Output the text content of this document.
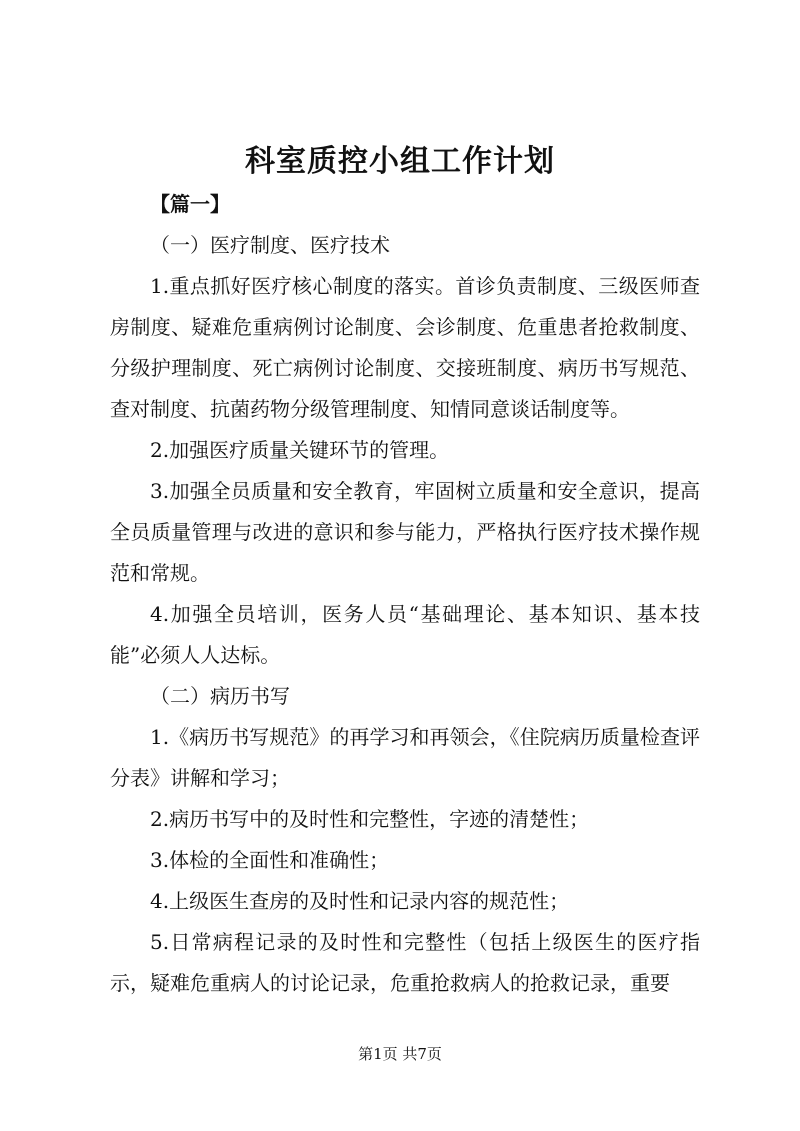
科室质控小组工作计划

【篇一】

（一）医疗制度、医疗技术

1.重点抓好医疗核心制度的落实。首诊负责制度、三级医师查房制度、疑难危重病例讨论制度、会诊制度、危重患者抢救制度、分级护理制度、死亡病例讨论制度、交接班制度、病历书写规范、查对制度、抗菌药物分级管理制度、知情同意谈话制度等。

2.加强医疗质量关键环节的管理。

3.加强全员质量和安全教育，牢固树立质量和安全意识，提高全员质量管理与改进的意识和参与能力，严格执行医疗技术操作规范和常规。

4.加强全员培训，医务人员“基础理论、基本知识、基本技能”必须人人达标。

（二）病历书写

1.《病历书写规范》的再学习和再领会，《住院病历质量检查评分表》讲解和学习；

2.病历书写中的及时性和完整性，字迹的清楚性；

3.体检的全面性和准确性；

4.上级医生查房的及时性和记录内容的规范性；

5.日常病程记录的及时性和完整性（包括上级医生的医疗指示，疑难危重病人的讨论记录，危重抢救病人的抢救记录，重要

第1页 共7页
